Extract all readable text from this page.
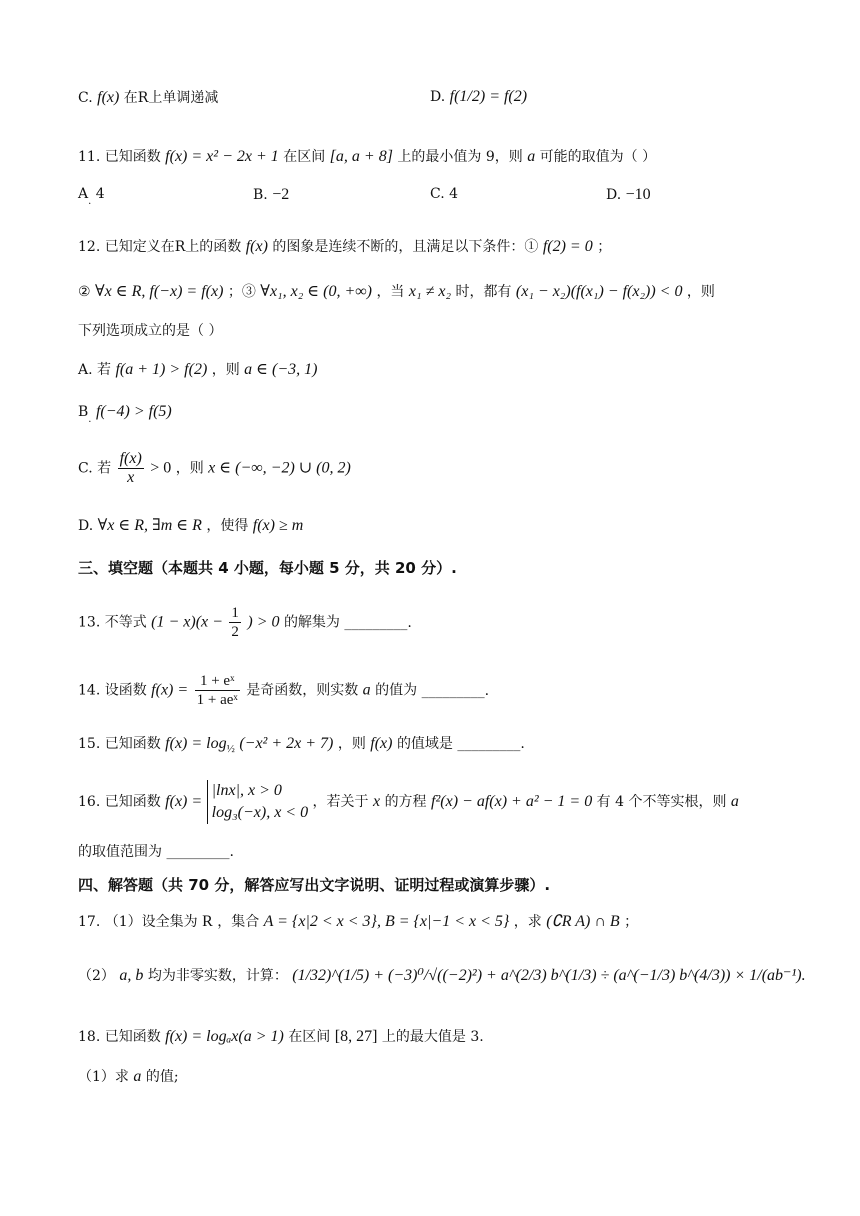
C. f(x) 在R上单调递减	D. f(1/2) = f(2)
11. 已知函数 f(x) = x² − 2x + 1 在区间 [a, a + 8] 上的最小值为 9，则 a 可能的取值为（ ）
$A_.$ 4	B. −2	C. 4	D. −10
12. 已知定义在R上的函数 f(x) 的图象是连续不断的，且满足以下条件：① f(2) = 0 ；
② ∀x ∈ R, f(−x) = f(x) ；③ ∀x₁, x₂ ∈ (0, +∞) ，当 x₁ ≠ x₂ 时，都有 (x₁ − x₂)(f(x₁) − f(x₂)) < 0 ，则
下列选项成立的是（ ）
A. 若 f(a + 1) > f(2) ，则 a ∈ (−3, 1)
$B_.$ f(−4) > f(5)
C. 若 $\frac{f(x)}{x} > 0$ ，则 x ∈ (−∞, −2) ∪ (0, 2)
D. ∀x ∈ R, ∃m ∈ R ，使得 f(x) ≥ m
三、填空题（本题共 4 小题，每小题 5 分，共 20 分）.
13. 不等式 $(1 - x)(x - \frac{1}{2}$ ) > 0 的解集为 _________.
14. 设函数 $f(x) = \frac{\text{1 + eˣ}}{\text{1 + aeˣ}}$ 是奇函数，则实数 a 的值为 _________.
15. 已知函数 $f(x) = \log_{\frac{1}{2}} (-x^2 + 2x + 7)$ ，则 f(x) 的值域是 _________.
16. 已知函数 f(x) =
|lnx|, x > 0
log₃(−x), x < 0
，若关于 x 的方程 f²(x) − af(x) + a² − 1 = 0 有 4 个不等实根，则 a
的取值范围为 _________.
四、解答题（共 70 分，解答应写出文字说明、证明过程或演算步骤）.
17. （1）设全集为 R ，集合 A = {x|2 < x < 3}, B = {x|−1 < x < 5} ，求 (∁R A) ∩ B ；
（2） a, b 均为非零实数，计算： (1/32)^(1/5) + (−3)⁰/√((−2)²) + a^(2/3) b^(1/3) ÷ (a^(−1/3) b^(4/3)) × 1/(ab⁻¹).
18. 已知函数 f(x) = logₐx(a > 1) 在区间 [8, 27] 上的最大值是 3.
（1）求 a 的值;
